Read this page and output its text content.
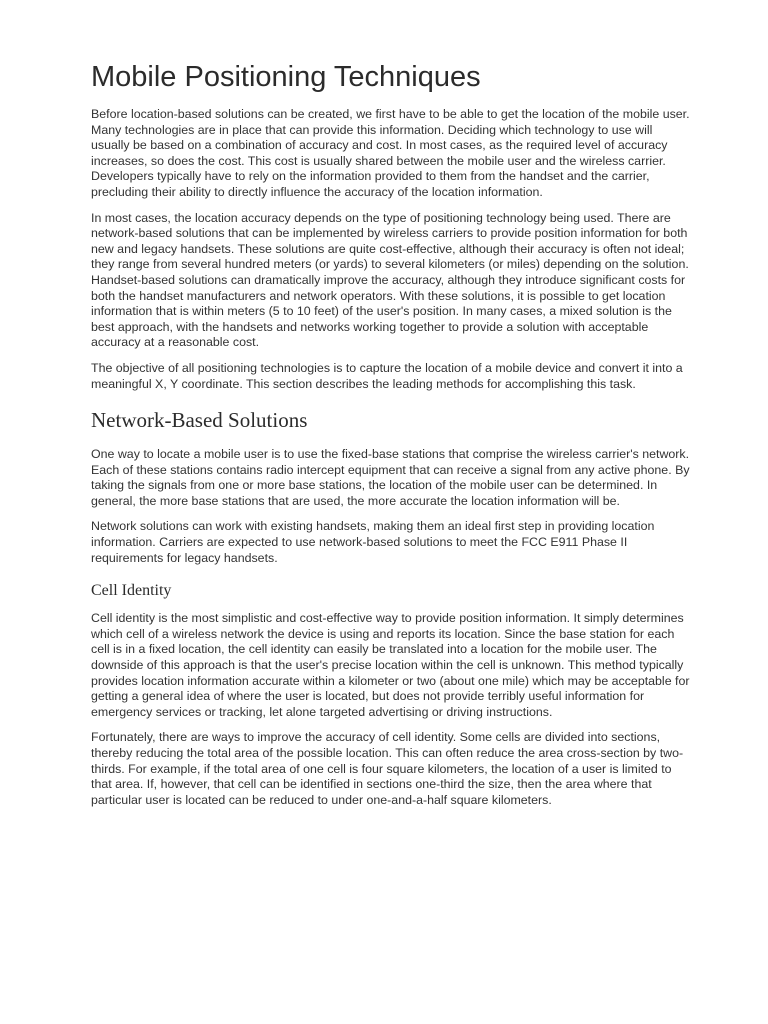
Mobile Positioning Techniques

Before location-based solutions can be created, we first have to be able to get the location of the mobile user. Many technologies are in place that can provide this information. Deciding which technology to use will usually be based on a combination of accuracy and cost. In most cases, as the required level of accuracy increases, so does the cost. This cost is usually shared between the mobile user and the wireless carrier. Developers typically have to rely on the information provided to them from the handset and the carrier, precluding their ability to directly influence the accuracy of the location information.

In most cases, the location accuracy depends on the type of positioning technology being used. There are network-based solutions that can be implemented by wireless carriers to provide position information for both new and legacy handsets. These solutions are quite cost-effective, although their accuracy is often not ideal; they range from several hundred meters (or yards) to several kilometers (or miles) depending on the solution. Handset-based solutions can dramatically improve the accuracy, although they introduce significant costs for both the handset manufacturers and network operators. With these solutions, it is possible to get location information that is within meters (5 to 10 feet) of the user's position. In many cases, a mixed solution is the best approach, with the handsets and networks working together to provide a solution with acceptable accuracy at a reasonable cost.

The objective of all positioning technologies is to capture the location of a mobile device and convert it into a meaningful X, Y coordinate. This section describes the leading methods for accomplishing this task.

Network-Based Solutions

One way to locate a mobile user is to use the fixed-base stations that comprise the wireless carrier's network. Each of these stations contains radio intercept equipment that can receive a signal from any active phone. By taking the signals from one or more base stations, the location of the mobile user can be determined. In general, the more base stations that are used, the more accurate the location information will be.

Network solutions can work with existing handsets, making them an ideal first step in providing location information. Carriers are expected to use network-based solutions to meet the FCC E911 Phase II requirements for legacy handsets.

Cell Identity

Cell identity is the most simplistic and cost-effective way to provide position information. It simply determines which cell of a wireless network the device is using and reports its location. Since the base station for each cell is in a fixed location, the cell identity can easily be translated into a location for the mobile user. The downside of this approach is that the user's precise location within the cell is unknown. This method typically provides location information accurate within a kilometer or two (about one mile) which may be acceptable for getting a general idea of where the user is located, but does not provide terribly useful information for emergency services or tracking, let alone targeted advertising or driving instructions.

Fortunately, there are ways to improve the accuracy of cell identity. Some cells are divided into sections, thereby reducing the total area of the possible location. This can often reduce the area cross-section by two-thirds. For example, if the total area of one cell is four square kilometers, the location of a user is limited to that area. If, however, that cell can be identified in sections one-third the size, then the area where that particular user is located can be reduced to under one-and-a-half square kilometers.
